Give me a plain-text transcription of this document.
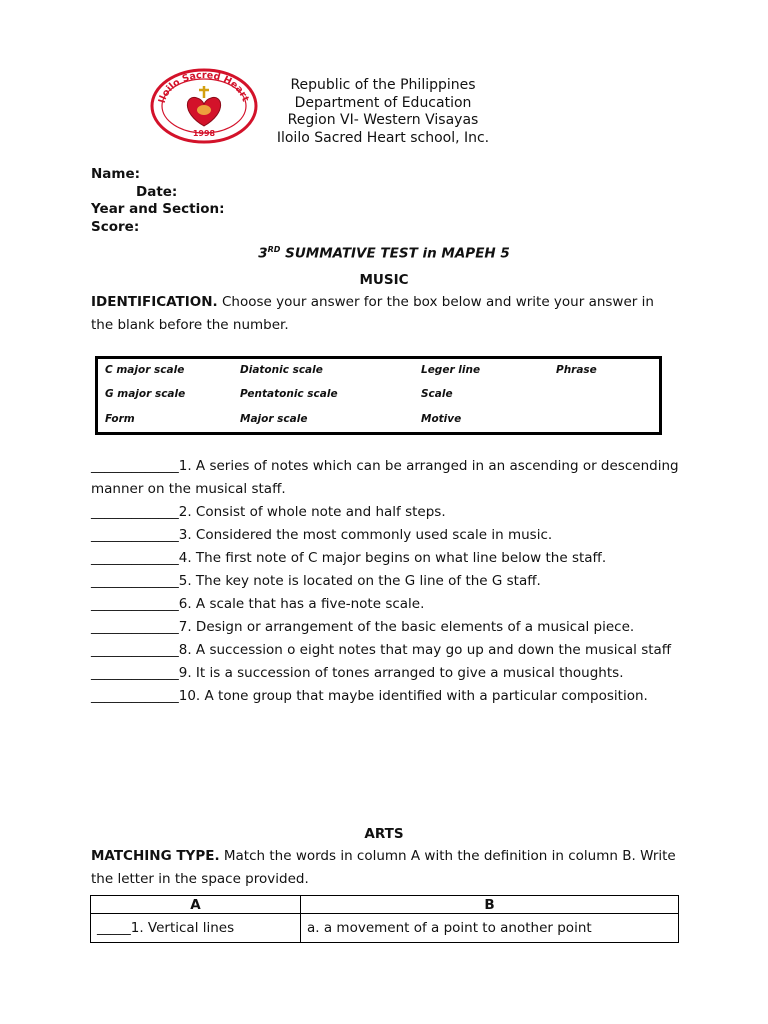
Iloilo Sacred Heart
1998
Republic of the Philippines
Department of Education
Region VI- Western Visayas
Iloilo Sacred Heart school, Inc.
Name:
Date:
Year and Section:
Score:
3RD SUMMATIVE TEST in MAPEH 5
MUSIC
IDENTIFICATION. Choose your answer for the box below and write your answer in the blank before the number.
C major scale	Diatonic scale	Leger line	Phrase
G major scale	Pentatonic scale	Scale
Form	Major scale	Motive

_____________1. A series of notes which can be arranged in an ascending or descending manner on the musical staff.

_____________2. Consist of whole note and half steps.

_____________3. Considered the most commonly used scale in music.

_____________4. The first note of C major begins on what line below the staff.

_____________5. The key note is located on the G line of the G staff.

_____________6. A scale that has a five-note scale.

_____________7. Design or arrangement of the basic elements of a musical piece.

_____________8. A succession o eight notes that may go up and down the musical staff

_____________9. It is a succession of tones arranged to give a musical thoughts.

_____________10. A tone group that maybe identified with a particular composition.

ARTS
MATCHING TYPE. Match the words in column A with the definition in column B. Write the letter in the space provided.
A	B
_____1. Vertical lines	a. a movement of a point to another point
